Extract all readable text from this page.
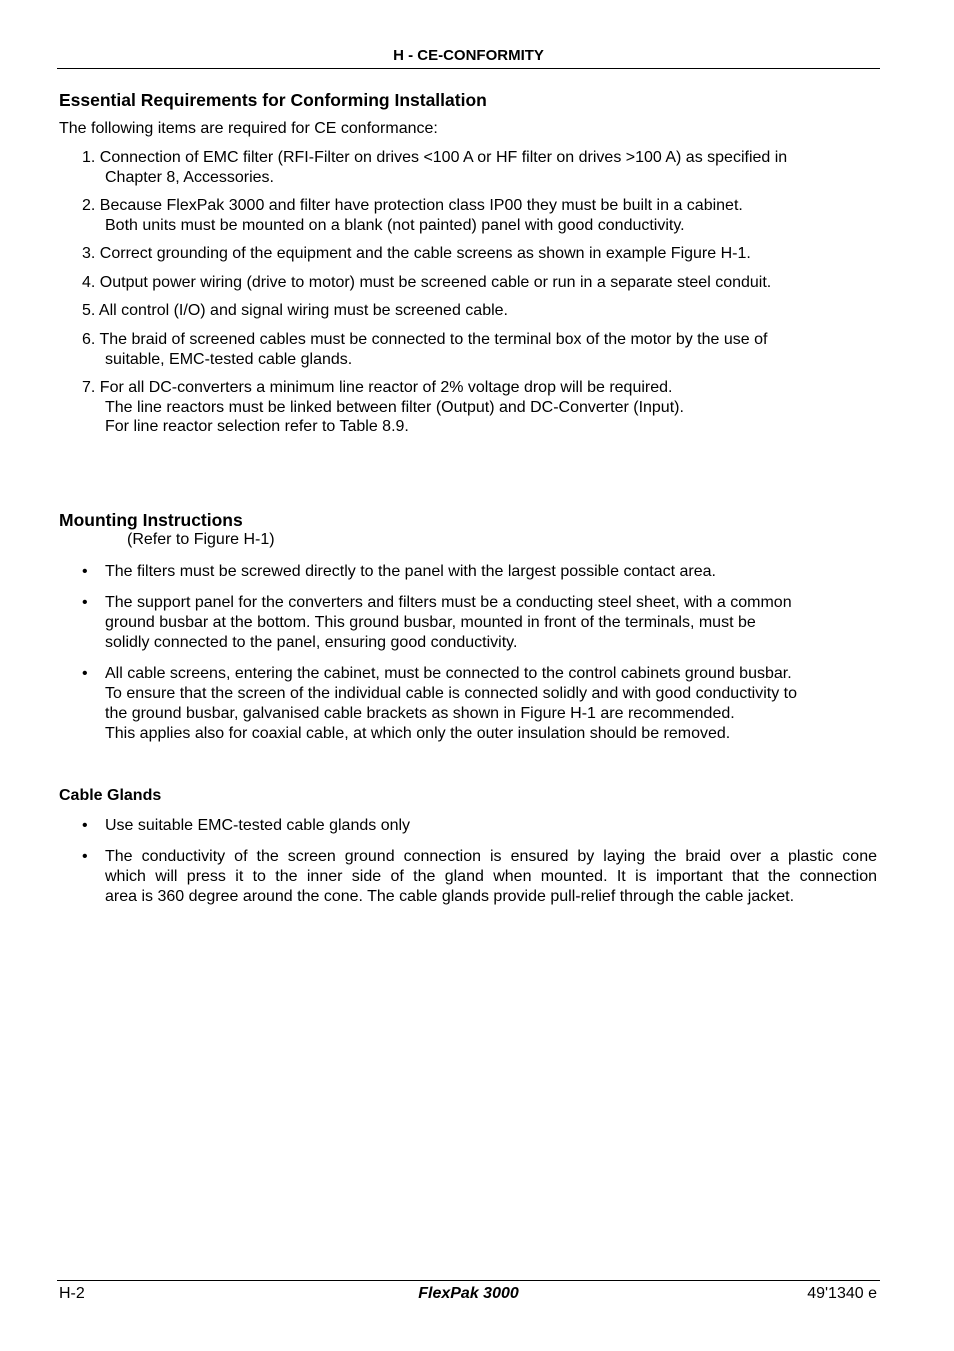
H - CE-CONFORMITY
Essential Requirements for Conforming Installation
The following items are required for CE conformance:
1. Connection of EMC filter (RFI-Filter on drives <100 A or HF filter on drives >100 A) as specified in
Chapter 8, Accessories.
2. Because FlexPak 3000 and filter have protection class IP00 they must be built in a cabinet.
Both units must be mounted on a blank (not painted) panel with good conductivity.
3. Correct grounding of the equipment and the cable screens as shown in example Figure H-1.
4. Output power wiring (drive to motor) must be screened cable or run in a separate steel conduit.
5. All control (I/O) and signal wiring must be screened cable.
6. The braid of screened cables must be connected to the terminal box of the motor by the use of
suitable, EMC-tested cable glands.
7. For all DC-converters a minimum line reactor of 2% voltage drop will be required.
The line reactors must be linked between filter (Output) and DC-Converter (Input).
For line reactor selection refer to Table 8.9.
Mounting Instructions
(Refer to Figure H-1)
•	The filters must be screwed directly to the panel with the largest possible contact area.
•	The support panel for the converters and filters must be a conducting steel sheet, with a common
ground busbar at the bottom. This ground busbar, mounted in front of the terminals, must be
solidly connected to the panel, ensuring good conductivity.
•	All cable screens, entering the cabinet, must be connected to the control cabinets ground busbar.
To ensure that the screen of the individual cable is connected solidly and with good conductivity to
the ground busbar, galvanised cable brackets as shown in Figure H-1 are recommended.
This applies also for coaxial cable, at which only the outer insulation should be removed.
Cable Glands
•	Use suitable EMC-tested cable glands only
•	The conductivity of the screen ground connection is ensured by laying the braid over a plastic cone
which will press it to the inner side of the gland when mounted. It is important that the connection
area is 360 degree around the cone. The cable glands provide pull-relief through the cable jacket.
H-2	FlexPak 3000	49'1340 e
